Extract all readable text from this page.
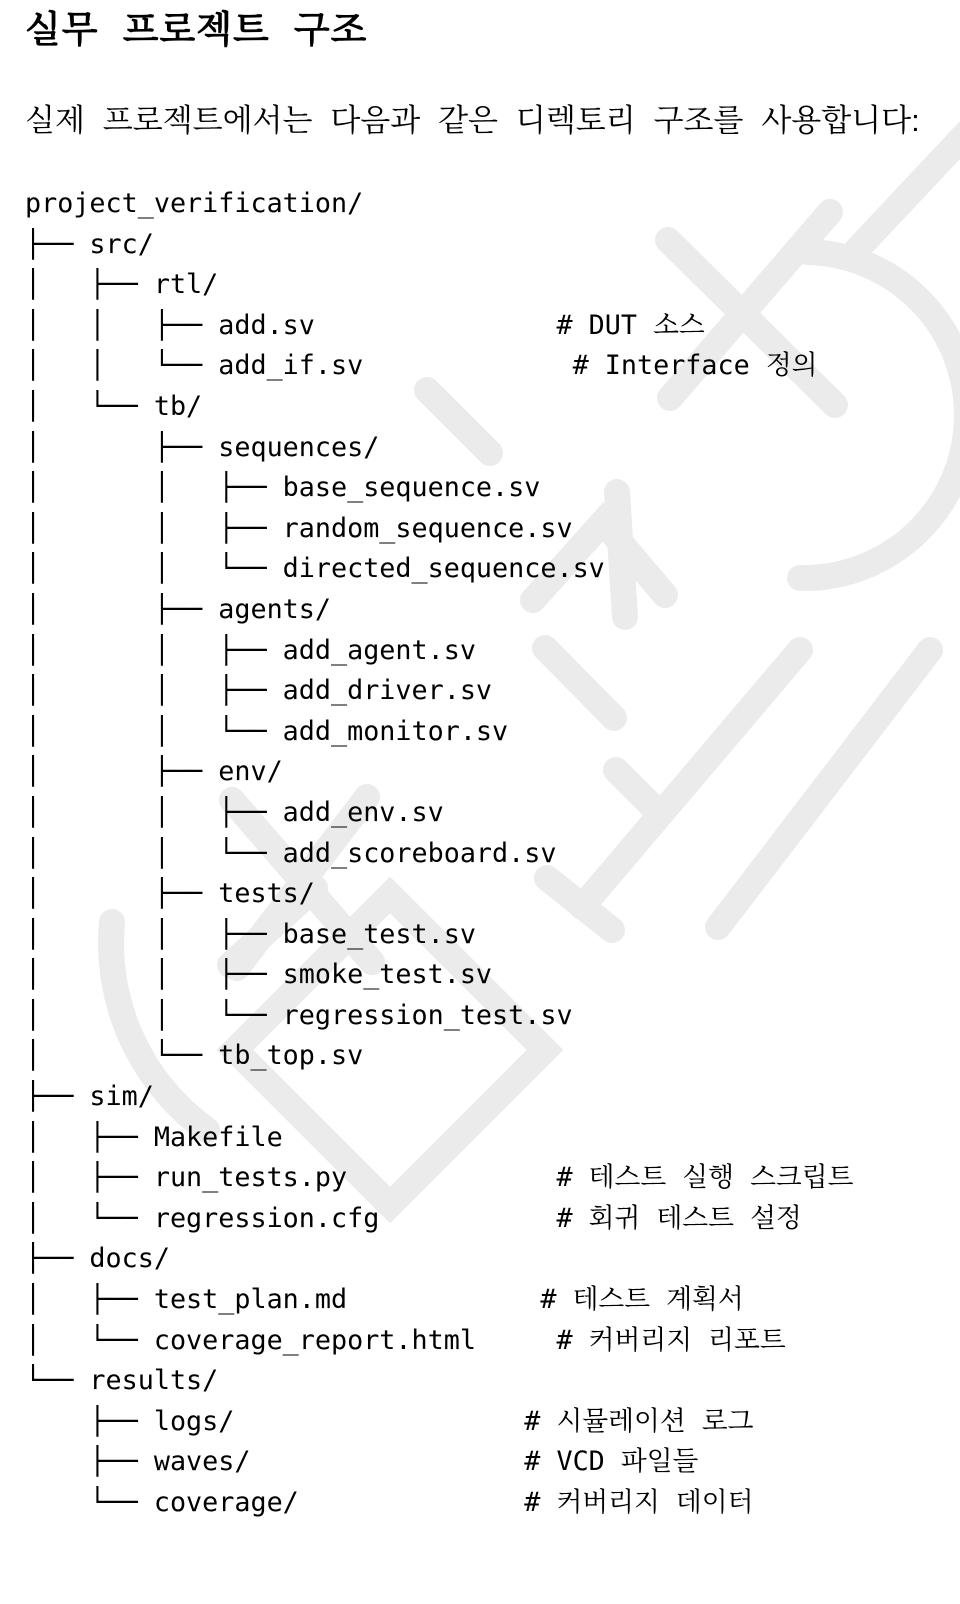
실무 프로젝트 구조

실제 프로젝트에서는 다음과 같은 디렉토리 구조를 사용합니다:

project_verification/
├── src/
│   ├── rtl/
│   │   ├── add.sv               # DUT 소스
│   │   └── add_if.sv             # Interface 정의
│   └── tb/
│       ├── sequences/
│       │   ├── base_sequence.sv
│       │   ├── random_sequence.sv
│       │   └── directed_sequence.sv
│       ├── agents/
│       │   ├── add_agent.sv
│       │   ├── add_driver.sv
│       │   └── add_monitor.sv
│       ├── env/
│       │   ├── add_env.sv
│       │   └── add_scoreboard.sv
│       ├── tests/
│       │   ├── base_test.sv
│       │   ├── smoke_test.sv
│       │   └── regression_test.sv
│       └── tb_top.sv
├── sim/
│   ├── Makefile
│   ├── run_tests.py             # 테스트 실행 스크립트
│   └── regression.cfg           # 회귀 테스트 설정
├── docs/
│   ├── test_plan.md            # 테스트 계획서
│   └── coverage_report.html     # 커버리지 리포트
└── results/
├── logs/                  # 시뮬레이션 로그
├── waves/                 # VCD 파일들
└── coverage/              # 커버리지 데이터
